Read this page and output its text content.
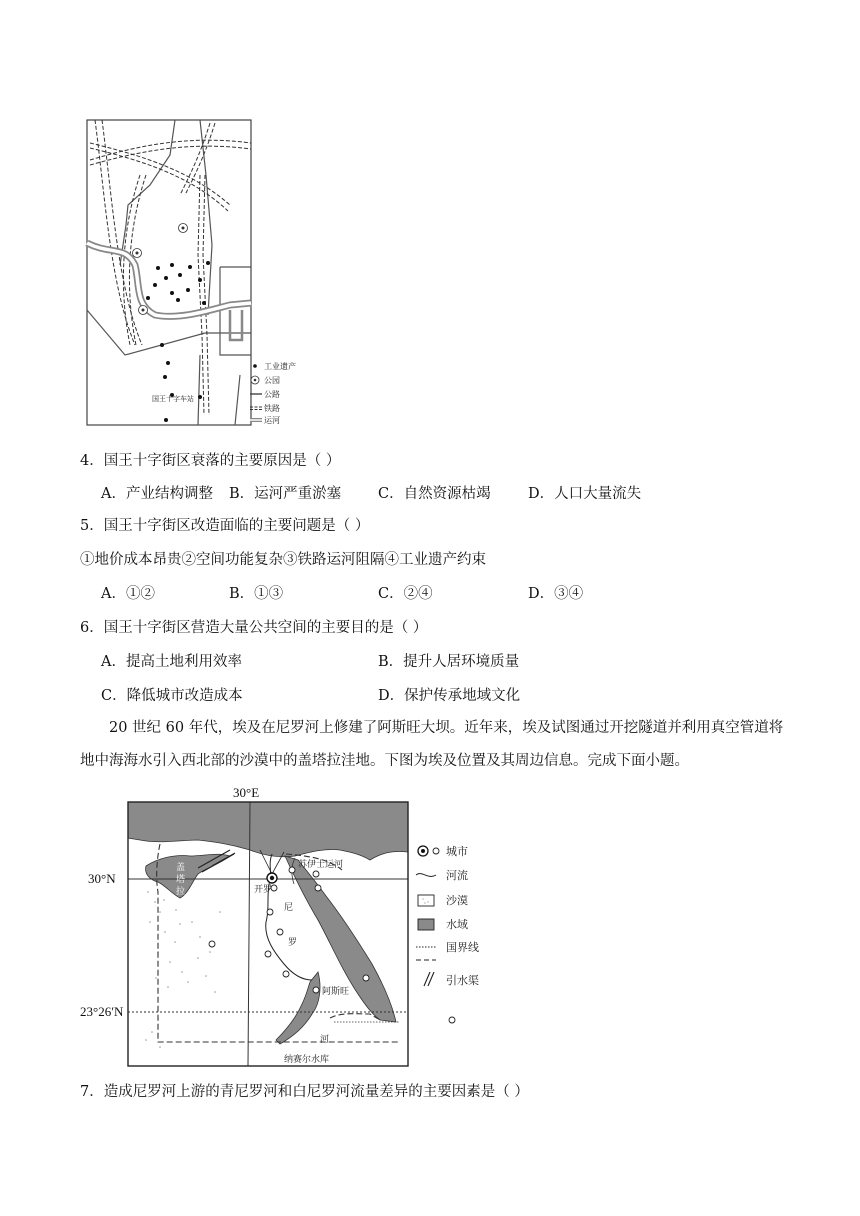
工业遗产
公园
公路
铁路
运河
国王十字车站
4．国王十字街区衰落的主要原因是（ ）
A．产业结构调整 B．运河严重淤塞	C．自然资源枯竭	D．人口大量流失
5．国王十字街区改造面临的主要问题是（ ）
①地价成本昂贵②空间功能复杂③铁路运河阻隔④工业遗产约束
A．①②	B．①③	C．②④	D．③④
6．国王十字街区营造大量公共空间的主要目的是（ ）
A．提高土地利用效率	B．提升人居环境质量
C．降低城市改造成本	D．保护传承地域文化
20 世纪 60 年代，埃及在尼罗河上修建了阿斯旺大坝。近年来，埃及试图通过开挖隧道并利用真空管道将地中海海水引入西北部的沙漠中的盖塔拉洼地。下图为埃及位置及其周边信息。完成下面小题。
城市
河流
沙漠
水域
国界线
引水渠
30°E
30°N
23°26′N
开罗
苏伊士运河
尼
罗
河
阿斯旺
纳赛尔水库
盖
塔
拉
7．造成尼罗河上游的青尼罗河和白尼罗河流量差异的主要因素是（ ）
